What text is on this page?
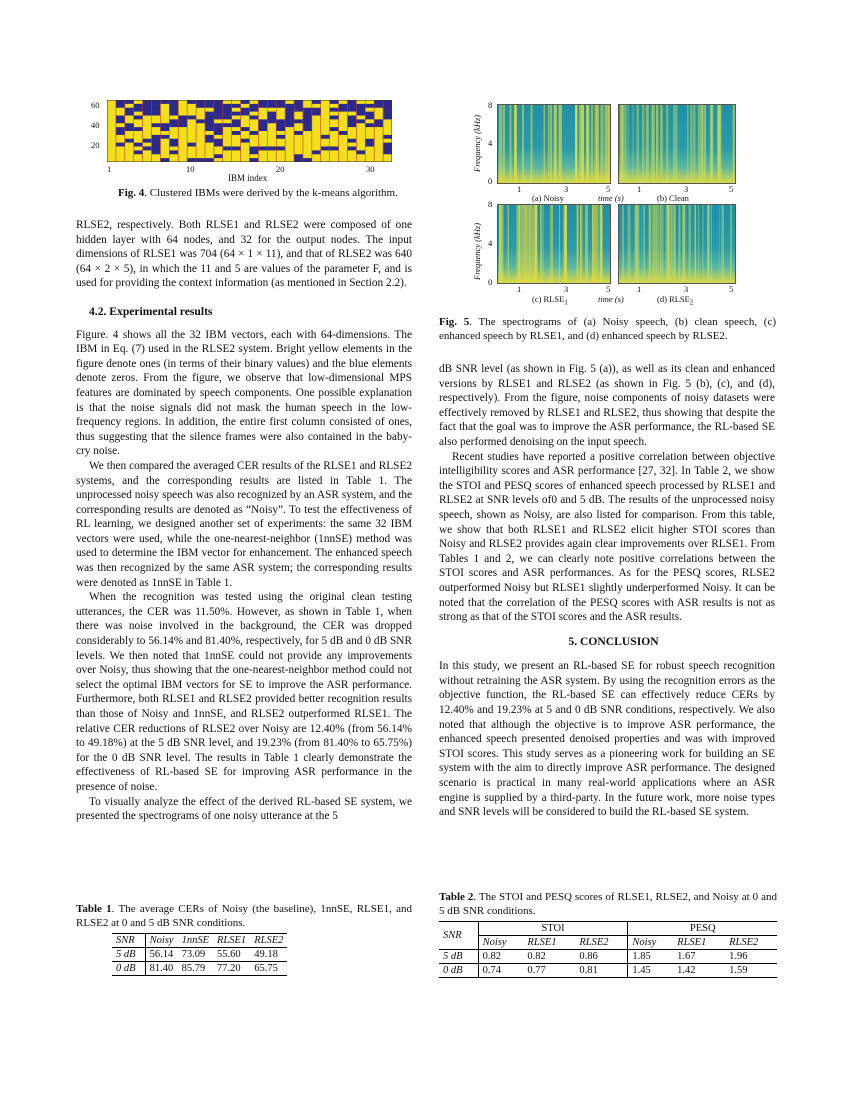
60
40
20
1	10	20	30
IBM index

Fig. 4. Clustered IBMs were derived by the k-means algorithm.

Frequency (kHz)
8
4
0
1	3	5	1	3	5
(a) Noisy	time (s)	(b) Clean
Frequency (kHz)
8
4
0
1	3	5	1	3	5
(c) $RLSE_1$	time (s)	(d) $RLSE_2$

Fig. 5. The spectrograms of (a) Noisy speech, (b) clean speech, (c) enhanced speech by RLSE1, and (d) enhanced speech by RLSE2.

RLSE2, respectively. Both RLSE1 and RLSE2 were composed of one hidden layer with 64 nodes, and 32 for the output nodes. The input dimensions of RLSE1 was 704 (64 × 1 × 11), and that of RLSE2 was 640 (64 × 2 × 5), in which the 11 and 5 are values of the parameter F, and is used for providing the context information (as mentioned in Section 2.2).

4.2. Experimental results

Figure. 4 shows all the 32 IBM vectors, each with 64-dimensions. The IBM in Eq. (7) used in the RLSE2 system. Bright yellow elements in the figure denote ones (in terms of their binary values) and the blue elements denote zeros. From the figure, we observe that low-dimensional MPS features are dominated by speech components. One possible explanation is that the noise signals did not mask the human speech in the low-frequency regions. In addition, the entire first column consisted of ones, thus suggesting that the silence frames were also contained in the baby-cry noise.

We then compared the averaged CER results of the RLSE1 and RLSE2 systems, and the corresponding results are listed in Table 1. The unprocessed noisy speech was also recognized by an ASR system, and the corresponding results are denoted as “Noisy”. To test the effectiveness of RL learning, we designed another set of experiments: the same 32 IBM vectors were used, while the one-nearest-neighbor (1nnSE) method was used to determine the IBM vector for enhancement. The enhanced speech was then recognized by the same ASR system; the corresponding results were denoted as 1nnSE in Table 1.

When the recognition was tested using the original clean testing utterances, the CER was 11.50%. However, as shown in Table 1, when there was noise involved in the background, the CER was dropped considerably to 56.14% and 81.40%, respectively, for 5 dB and 0 dB SNR levels. We then noted that 1nnSE could not provide any improvements over Noisy, thus showing that the one-nearest-neighbor method could not select the optimal IBM vectors for SE to improve the ASR performance. Furthermore, both RLSE1 and RLSE2 provided better recognition results than those of Noisy and 1nnSE, and RLSE2 outperformed RLSE1. The relative CER reductions of RLSE2 over Noisy are 12.40% (from 56.14% to 49.18%) at the 5 dB SNR level, and 19.23% (from 81.40% to 65.75%) for the 0 dB SNR level. The results in Table 1 clearly demonstrate the effectiveness of RL-based SE for improving ASR performance in the presence of noise.

To visually analyze the effect of the derived RL-based SE system, we presented the spectrograms of one noisy utterance at the 5

Table 1. The average CERs of Noisy (the baseline), 1nnSE, RLSE1, and RLSE2 at 0 and 5 dB SNR conditions.

SNR	Noisy	1nnSE	RLSE1	RLSE2
5 dB	56.14	73.09	55.60	49.18
0 dB	81.40	85.79	77.20	65.75

dB SNR level (as shown in Fig. 5 (a)), as well as its clean and enhanced versions by RLSE1 and RLSE2 (as shown in Fig. 5 (b), (c), and (d), respectively). From the figure, noise components of noisy datasets were effectively removed by RLSE1 and RLSE2, thus showing that despite the fact that the goal was to improve the ASR performance, the RL-based SE also performed denoising on the input speech.

Recent studies have reported a positive correlation between objective intelligibility scores and ASR performance [27, 32]. In Table 2, we show the STOI and PESQ scores of enhanced speech processed by RLSE1 and RLSE2 at SNR levels of0 and 5 dB. The results of the unprocessed noisy speech, shown as Noisy, are also listed for comparison. From this table, we show that both RLSE1 and RLSE2 elicit higher STOI scores than Noisy and RLSE2 provides again clear improvements over RLSE1. From Tables 1 and 2, we can clearly note positive correlations between the STOI scores and ASR performances. As for the PESQ scores, RLSE2 outperformed Noisy but RLSE1 slightly underperformed Noisy. It can be noted that the correlation of the PESQ scores with ASR results is not as strong as that of the STOI scores and the ASR results.

5. CONCLUSION

In this study, we present an RL-based SE for robust speech recognition without retraining the ASR system. By using the recognition errors as the objective function, the RL-based SE can effectively reduce CERs by 12.40% and 19.23% at 5 and 0 dB SNR conditions, respectively. We also noted that although the objective is to improve ASR performance, the enhanced speech presented denoised properties and was with improved STOI scores. This study serves as a pioneering work for building an SE system with the aim to directly improve ASR performance. The designed scenario is practical in many real-world applications where an ASR engine is supplied by a third-party. In the future work, more noise types and SNR levels will be considered to build the RL-based SE system.

Table 2. The STOI and PESQ scores of RLSE1, RLSE2, and Noisy at 0 and 5 dB SNR conditions.

SNR	STOI			PESQ		
	Noisy	RLSE1	RLSE2	Noisy	RLSE1	RLSE2
5 dB	0.82	0.82	0.86	1.85	1.67	1.96
0 dB	0.74	0.77	0.81	1.45	1.42	1.59
